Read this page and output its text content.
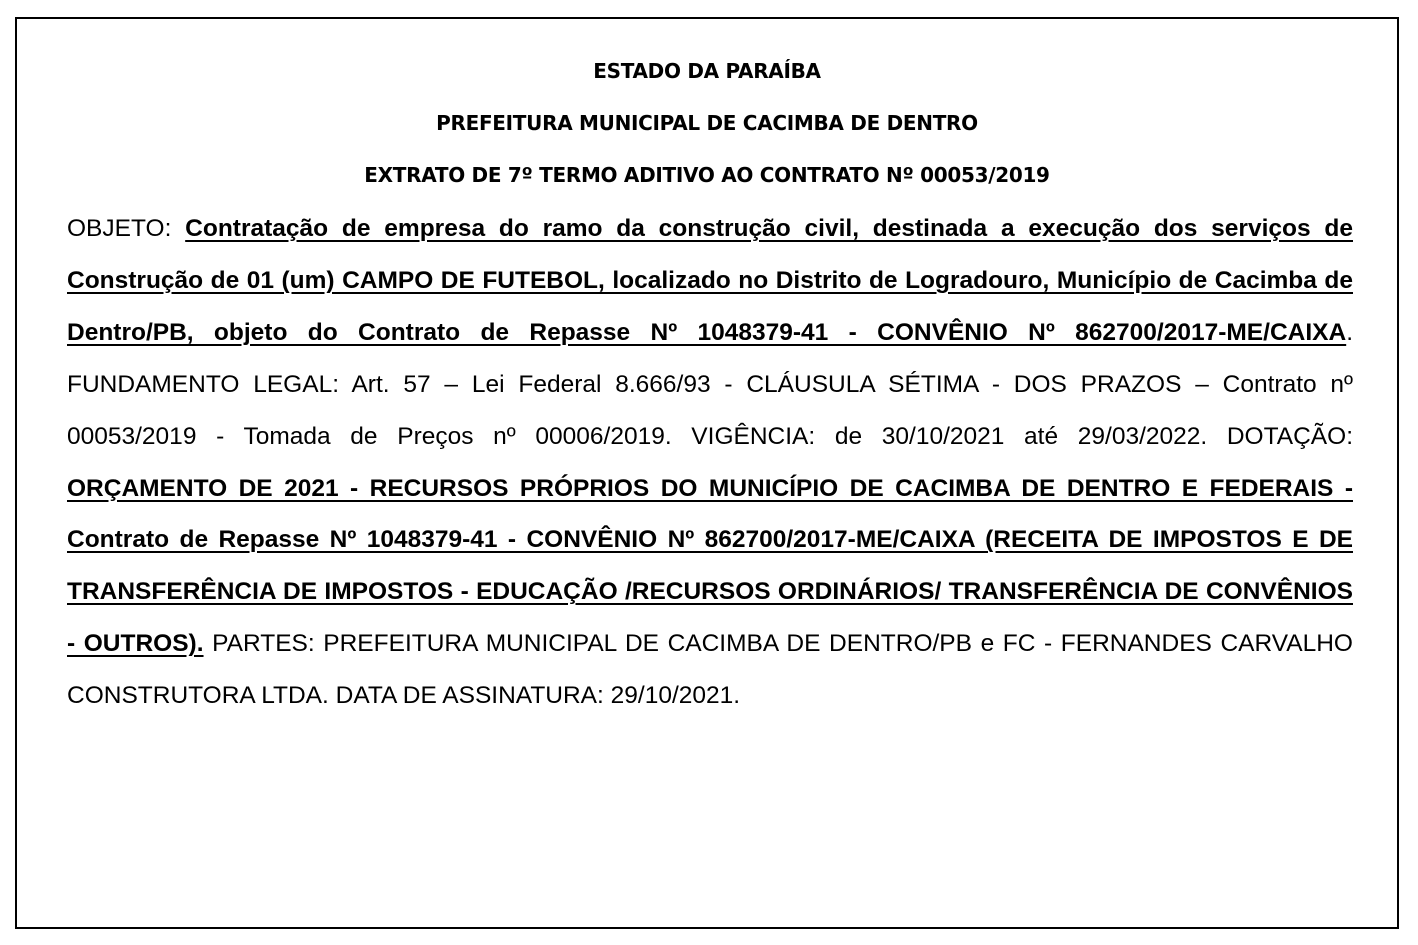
ESTADO DA PARAÍBA
PREFEITURA MUNICIPAL DE CACIMBA DE DENTRO
EXTRATO DE 7º TERMO ADITIVO AO CONTRATO Nº 00053/2019

OBJETO: Contratação de empresa do ramo da construção civil, destinada a execução dos serviços de Construção de 01 (um) CAMPO DE FUTEBOL, localizado no Distrito de Logradouro, Município de Cacimba de Dentro/PB, objeto do Contrato de Repasse Nº 1048379-41 - CONVÊNIO Nº 862700/2017-ME/CAIXA. FUNDAMENTO LEGAL: Art. 57 – Lei Federal 8.666/93 - CLÁUSULA SÉTIMA - DOS PRAZOS – Contrato nº 00053/2019 - Tomada de Preços nº 00006/2019. VIGÊNCIA: de 30/10/2021 até 29/03/2022. DOTAÇÃO: ORÇAMENTO DE 2021 - RECURSOS PRÓPRIOS DO MUNICÍPIO DE CACIMBA DE DENTRO E FEDERAIS - Contrato de Repasse Nº 1048379-41 - CONVÊNIO Nº 862700/2017-ME/CAIXA (RECEITA DE IMPOSTOS E DE TRANSFERÊNCIA DE IMPOSTOS - EDUCAÇÃO /RECURSOS ORDINÁRIOS/ TRANSFERÊNCIA DE CONVÊNIOS - OUTROS). PARTES: PREFEITURA MUNICIPAL DE CACIMBA DE DENTRO/PB e FC - FERNANDES CARVALHO CONSTRUTORA LTDA. DATA DE ASSINATURA: 29/10/2021.
